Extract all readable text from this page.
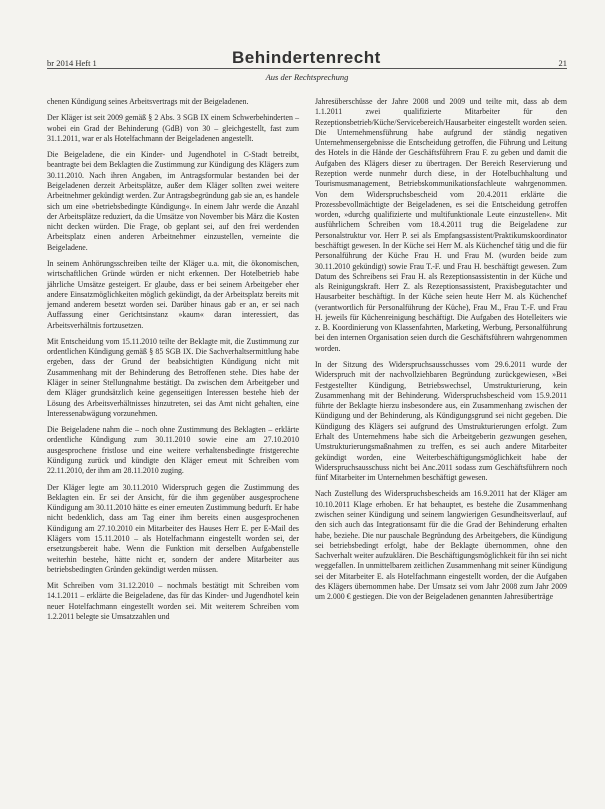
br 2014 Heft 1	Behindertenrecht	21
Aus der Rechtsprechung

chenen Kündigung seines Arbeitsvertrags mit der Beigeladenen.

Der Kläger ist seit 2009 gemäß § 2 Abs. 3 SGB IX einem Schwerbehinderten – wobei ein Grad der Behinderung (GdB) von 30 – gleichgestellt, fast zum 31.1.2011, war er als Hotelfachmann der Beigeladenen angestellt.

Die Beigeladene, die ein Kinder- und Jugendhotel in C-Stadt betreibt, beantragte bei dem Beklagten die Zustimmung zur Kündigung des Klägers zum 30.11.2010. Nach ihren Angaben, im Antragsformular bestanden bei der Beigeladenen derzeit Arbeitsplätze, außer dem Kläger sollten zwei weitere Arbeitnehmer gekündigt werden. Zur Antragsbegründung gab sie an, es handele sich um eine »betriebsbedingte Kündigung«. In einem Jahr werde die Anzahl der Arbeitsplätze reduziert, da die Umsätze von November bis März die Kosten nicht decken würden. Die Frage, ob geplant sei, auf den frei werdenden Arbeitsplatz einen anderen Arbeitnehmer einzustellen, verneinte die Beigeladene.

In seinem Anhörungsschreiben teilte der Kläger u.a. mit, die ökonomischen, wirtschaftlichen Gründe würden er nicht erkennen. Der Hotelbetrieb habe jährliche Umsätze gesteigert. Er glaube, dass er bei seinem Arbeitgeber eher andere Einsatzmöglichkeiten möglich gekündigt, da der Arbeitsplatz bereits mit jemand anderem besetzt worden sei. Darüber hinaus gab er an, er sei nach Auffassung einer Gerichtsinstanz »kaum« daran interessiert, das Arbeitsverhältnis fortzusetzen.

Mit Entscheidung vom 15.11.2010 teilte der Beklagte mit, die Zustimmung zur ordentlichen Kündigung gemäß § 85 SGB IX. Die Sachverhaltsermittlung habe ergeben, dass der Grund der beabsichtigten Kündigung nicht mit Zusammenhang mit der Behinderung des Betroffenen stehe. Dies habe der Kläger in seiner Stellungnahme bestätigt. Da zwischen dem Arbeitgeber und dem Kläger grundsätzlich keine gegenseitigen Interessen bestehe hieb der Lösung des Arbeitsverhältnisses hinzutreten, sei das Amt nicht gehalten, eine Interessenabwägung vorzunehmen.

Die Beigeladene nahm die – noch ohne Zustimmung des Beklagten – erklärte ordentliche Kündigung zum 30.11.2010 sowie eine am 27.10.2010 ausgesprochene fristlose und eine weitere verhaltensbedingte fristgerechte Kündigung zurück und kündigte den Kläger erneut mit Schreiben vom 22.11.2010, der ihm am 28.11.2010 zuging.

Der Kläger legte am 30.11.2010 Widerspruch gegen die Zustimmung des Beklagten ein. Er sei der Ansicht, für die ihm gegenüber ausgesprochene Kündigung am 30.11.2010 hätte es einer erneuten Zustimmung bedurft. Er habe nicht bedenklich, dass am Tag einer ihm bereits einen ausgesprochenen Kündigung am 27.10.2010 ein Mitarbeiter des Hauses Herr E. per E-Mail des Klägers vom 15.11.2010 – als Hotelfachmann eingestellt worden sei, der ersetzungsbereit habe. Wenn die Funktion mit derselben Aufgabenstelle weiterhin bestehe, hätte nicht er, sondern der andere Mitarbeiter aus betriebsbedingten Gründen gekündigt werden müssen.

Mit Schreiben vom 31.12.2010 – nochmals bestätigt mit Schreiben vom 14.1.2011 – erklärte die Beigeladene, das für das Kinder- und Jugendhotel kein neuer Hotelfachmann eingestellt worden sei. Mit weiterem Schreiben vom 1.2.2011 belegte sie Umsatzzahlen und

Jahresüberschüsse der Jahre 2008 und 2009 und teilte mit, dass ab dem 1.1.2011 zwei qualifizierte Mitarbeiter für den Rezeptionsbetrieb/Küche/Servicebereich/Hausarbeiter eingestellt worden seien. Die Unternehmensführung habe aufgrund der ständig negativen Unternehmensergebnisse die Entscheidung getroffen, die Führung und Leitung des Hotels in die Hände der Geschäftsführern Frau F. zu geben und damit die Aufgaben des Klägers dieser zu übertragen. Der Bereich Reservierung und Rezeption werde nunmehr durch diese, in der Hotelbuchhaltung und Tourismusmanagement, Betriebskommunikationsfachleute wahrgenommen. Von dem Widerspruchsbescheid vom 20.4.2011 erklärte die Prozessbevollmächtigte der Beigeladenen, es sei die Entscheidung getroffen worden, »durchg qualifizierte und multifunktionale Leute einzustellen«. Mit ausführlichem Schreiben vom 18.4.2011 trug die Beigeladene zur Personalstruktur vor. Herr P. sei als Empfangsassistent/Praktikumskoordinator beschäftigt gewesen. In der Küche sei Herr M. als Küchenchef tätig und die für Personalführung der Küche Frau H. und Frau M. (wurden beide zum 30.11.2010 gekündigt) sowie Frau T.-F. und Frau H. beschäftigt gewesen. Zum Datum des Schreibens sei Frau H. als Rezeptionsassistentin in der Küche und als Reinigungskraft. Herr Z. als Rezeptionsassistent, Praxisbegutachter und Hausarbeiter beschäftigt. In der Küche seien heute Herr M. als Küchenchef (verantwortlich für Personalführung der Küche), Frau M., Frau T.-F. und Frau H. jeweils für Küchenreinigung beschäftigt. Die Aufgaben des Hotelleiters wie z. B. Koordinierung von Klassenfahrten, Marketing, Werbung, Personalführung bei den internen Organisation seien durch die Geschäftsführern wahrgenommen worden.

In der Sitzung des Widerspruchsausschusses vom 29.6.2011 wurde der Widerspruch mit der nachvollziehbaren Begründung zurückgewiesen, »Bei Festgestellter Kündigung, Betriebswechsel, Umstrukturierung, kein Zusammenhang mit der Behinderung. Widerspruchsbescheid vom 15.9.2011 führte der Beklagte hierzu insbesondere aus, ein Zusammenhang zwischen der Kündigung und der Behinderung, als Kündigungsgrund sei nicht gegeben. Die Kündigung des Klägers sei aufgrund des Umstrukturierungen erfolgt. Zum Erhalt des Unternehmens habe sich die Arbeitgeberin gezwungen gesehen, Umstrukturierungsmaßnahmen zu treffen, es sei auch andere Mitarbeiter gekündigt worden, eine Weiterbeschäftigungsmöglichkeit habe der Widerspruchsausschuss nicht bei Anc.2011 sodass zum Geschäftsführern noch fünf Mitarbeiter im Unternehmen beschäftigt gewesen.

Nach Zustellung des Widerspruchsbescheids am 16.9.2011 hat der Kläger am 10.10.2011 Klage erhoben. Er hat behauptet, es bestehe die Zusammenhang zwischen seiner Kündigung und seinem langwierigen Gesundheitsverlauf, auf den sich auch das Integrationsamt für die die Grad der Behinderung erhalten habe, beziehe. Die nur pauschale Begründung des Arbeitgebers, die Kündigung sei betriebsbedingt erfolgt, habe der Beklagte übernommen, ohne den Sachverhalt weiter aufzuklären. Die Beschäftigungsmöglichkeit für ihn sei nicht weggefallen. In unmittelbarem zeitlichen Zusammenhang mit seiner Kündigung sei der Mitarbeiter E. als Hotelfachmann eingestellt worden, der die Aufgaben des Klägers übernommen habe. Der Umsatz sei vom Jahr 2008 zum Jahr 2009 um 2.000 € gestiegen. Die von der Beigeladenen genannten Jahresüberträge
